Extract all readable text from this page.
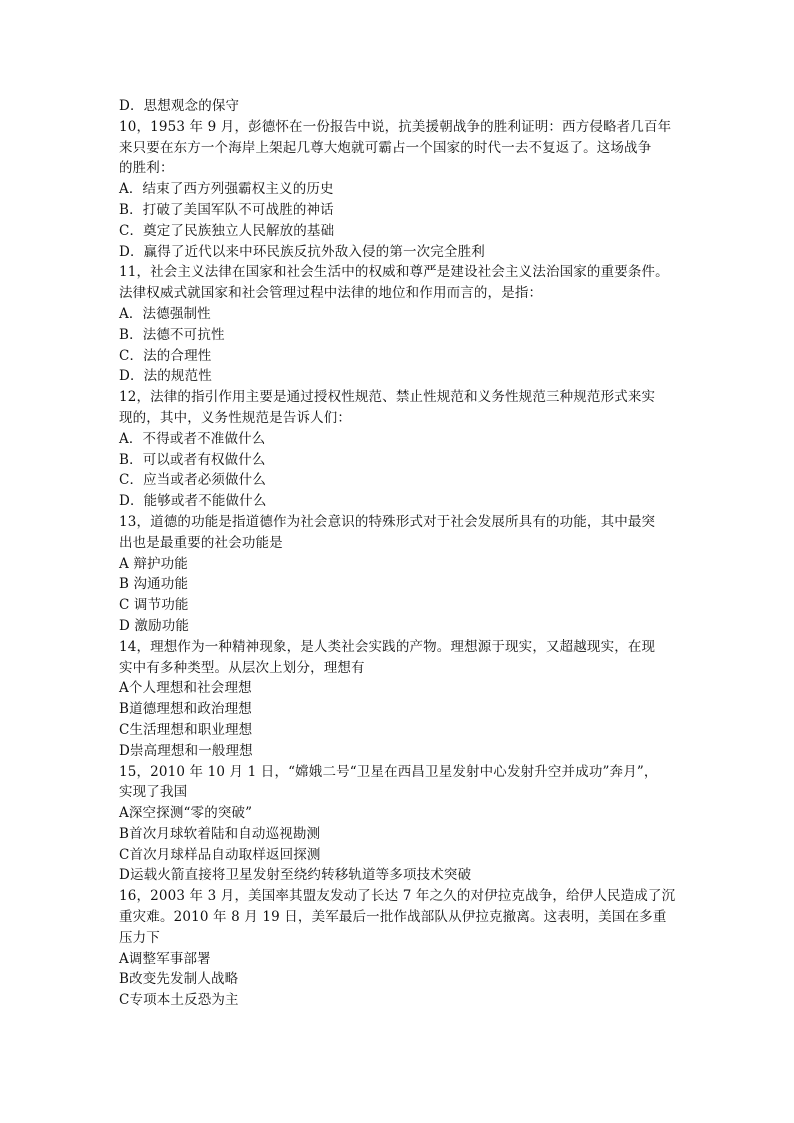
D．思想观念的保守
10，1953 年 9 月，彭德怀在一份报告中说，抗美援朝战争的胜利证明：西方侵略者几百年
来只要在东方一个海岸上架起几尊大炮就可霸占一个国家的时代一去不复返了。这场战争
的胜利：
A．结束了西方列强霸权主义的历史
B．打破了美国军队不可战胜的神话
C．奠定了民族独立人民解放的基础
D．赢得了近代以来中环民族反抗外敌入侵的第一次完全胜利
11，社会主义法律在国家和社会生活中的权威和尊严是建设社会主义法治国家的重要条件。
法律权威式就国家和社会管理过程中法律的地位和作用而言的，是指：
A．法德强制性
B．法德不可抗性
C．法的合理性
D．法的规范性
12，法律的指引作用主要是通过授权性规范、禁止性规范和义务性规范三种规范形式来实
现的，其中，义务性规范是告诉人们：
A．不得或者不准做什么
B．可以或者有权做什么
C．应当或者必须做什么
D．能够或者不能做什么
13，道德的功能是指道德作为社会意识的特殊形式对于社会发展所具有的功能，其中最突
出也是最重要的社会功能是
A 辩护功能
B 沟通功能
C 调节功能
D 激励功能
14，理想作为一种精神现象，是人类社会实践的产物。理想源于现实，又超越现实，在现
实中有多种类型。从层次上划分，理想有
A个人理想和社会理想
B道德理想和政治理想
C生活理想和职业理想
D崇高理想和一般理想
15，2010 年 10 月 1 日，“嫦娥二号“卫星在西昌卫星发射中心发射升空并成功”奔月”，
实现了我国
A深空探测“零的突破”
B首次月球软着陆和自动巡视勘测
C首次月球样品自动取样返回探测
D运载火箭直接将卫星发射至绕约转移轨道等多项技术突破
16，2003 年 3 月，美国率其盟友发动了长达 7 年之久的对伊拉克战争，给伊人民造成了沉
重灾难。2010 年 8 月 19 日，美军最后一批作战部队从伊拉克撤离。这表明，美国在多重
压力下
A调整军事部署
B改变先发制人战略
C专项本土反恐为主
